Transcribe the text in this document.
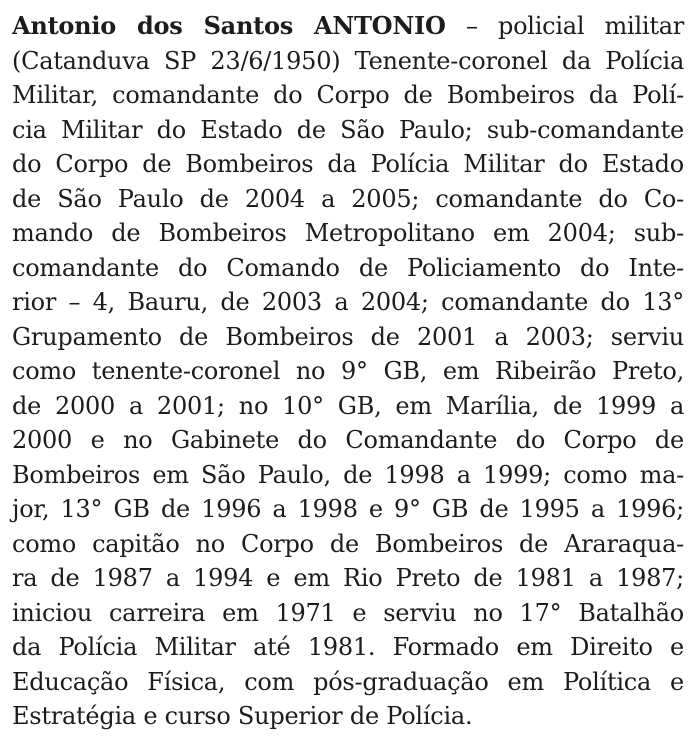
Antonio dos Santos ANTONIO – policial militar
(Catanduva SP 23/6/1950) Tenente-coronel da Polícia
Militar, comandante do Corpo de Bombeiros da Polí-
cia Militar do Estado de São Paulo; sub-comandante
do Corpo de Bombeiros da Polícia Militar do Estado
de São Paulo de 2004 a 2005; comandante do Co-
mando de Bombeiros Metropolitano em 2004; sub-
comandante do Comando de Policiamento do Inte-
rior – 4, Bauru, de 2003 a 2004; comandante do 13°
Grupamento de Bombeiros de 2001 a 2003; serviu
como tenente-coronel no 9° GB, em Ribeirão Preto,
de 2000 a 2001; no 10° GB, em Marília, de 1999 a
2000 e no Gabinete do Comandante do Corpo de
Bombeiros em São Paulo, de 1998 a 1999; como ma-
jor, 13° GB de 1996 a 1998 e 9° GB de 1995 a 1996;
como capitão no Corpo de Bombeiros de Araraqua-
ra de 1987 a 1994 e em Rio Preto de 1981 a 1987;
iniciou carreira em 1971 e serviu no 17° Batalhão
da Polícia Militar até 1981. Formado em Direito e
Educação Física, com pós-graduação em Política e
Estratégia e curso Superior de Polícia.
